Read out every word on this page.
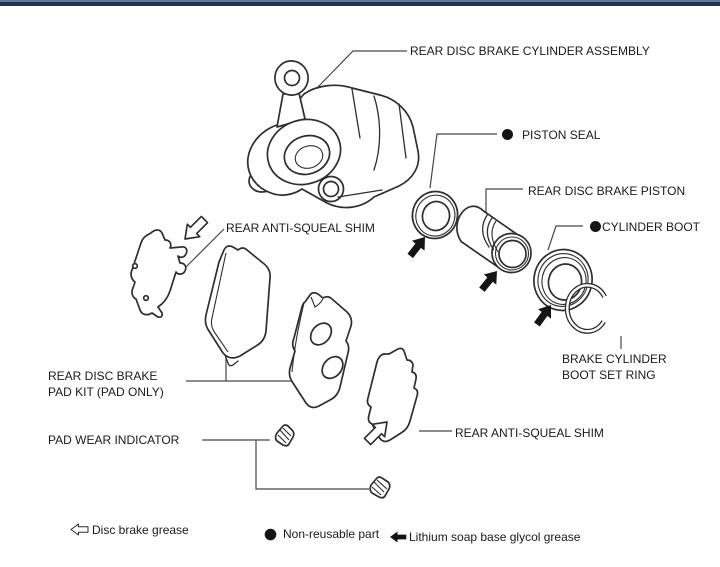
REAR DISC BRAKE CYLINDER ASSEMBLY
PISTON SEAL
REAR DISC BRAKE PISTON
CYLINDER BOOT
BRAKE CYLINDER
BOOT SET RING
REAR ANTI-SQUEAL SHIM
REAR DISC BRAKE
PAD KIT (PAD ONLY)
PAD WEAR INDICATOR	REAR ANTI-SQUEAL SHIM
Disc brake grease	Non-reusable part Lithium soap base glycol grease
